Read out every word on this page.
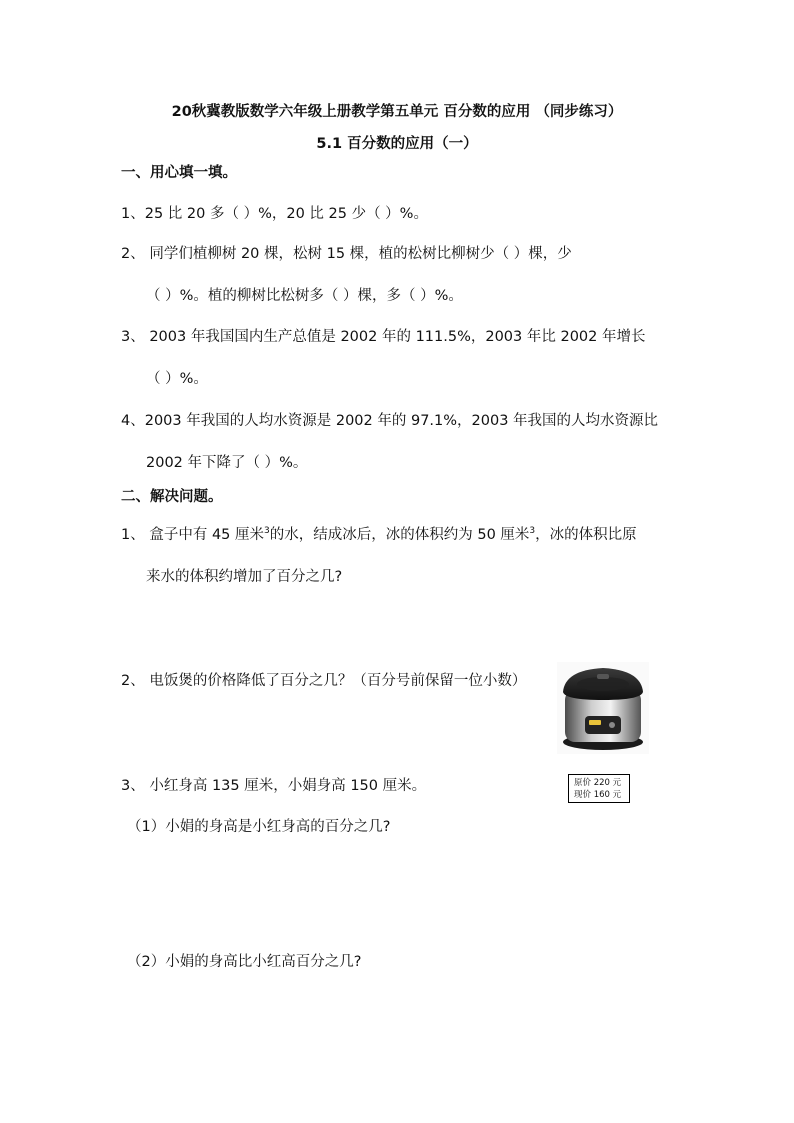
20秋冀教版数学六年级上册教学第五单元 百分数的应用 （同步练习）
5.1 百分数的应用（一）
一、用心填一填。
1、25 比 20 多（ ）%，20 比 25 少（ ）%。
2、 同学们植柳树 20 棵，松树 15 棵，植的松树比柳树少（ ）棵，少
（ ）%。植的柳树比松树多（ ）棵，多（ ）%。
3、 2003 年我国国内生产总值是 2002 年的 111.5%，2003 年比 2002 年增长
（ ）%。
4、2003 年我国的人均水资源是 2002 年的 97.1%，2003 年我国的人均水资源比
2002 年下降了（ ）%。
二、解决问题。
1、 盒子中有 45 厘米$^3$的水，结成冰后，冰的体积约为 50 厘米$^3$，冰的体积比原
来水的体积约增加了百分之几?
2、 电饭煲的价格降低了百分之几？（百分号前保留一位小数）
3、 小红身高 135 厘米，小娟身高 150 厘米。	原价 220 元
现价 160 元
（1）小娟的身高是小红身高的百分之几?
（2）小娟的身高比小红高百分之几?
